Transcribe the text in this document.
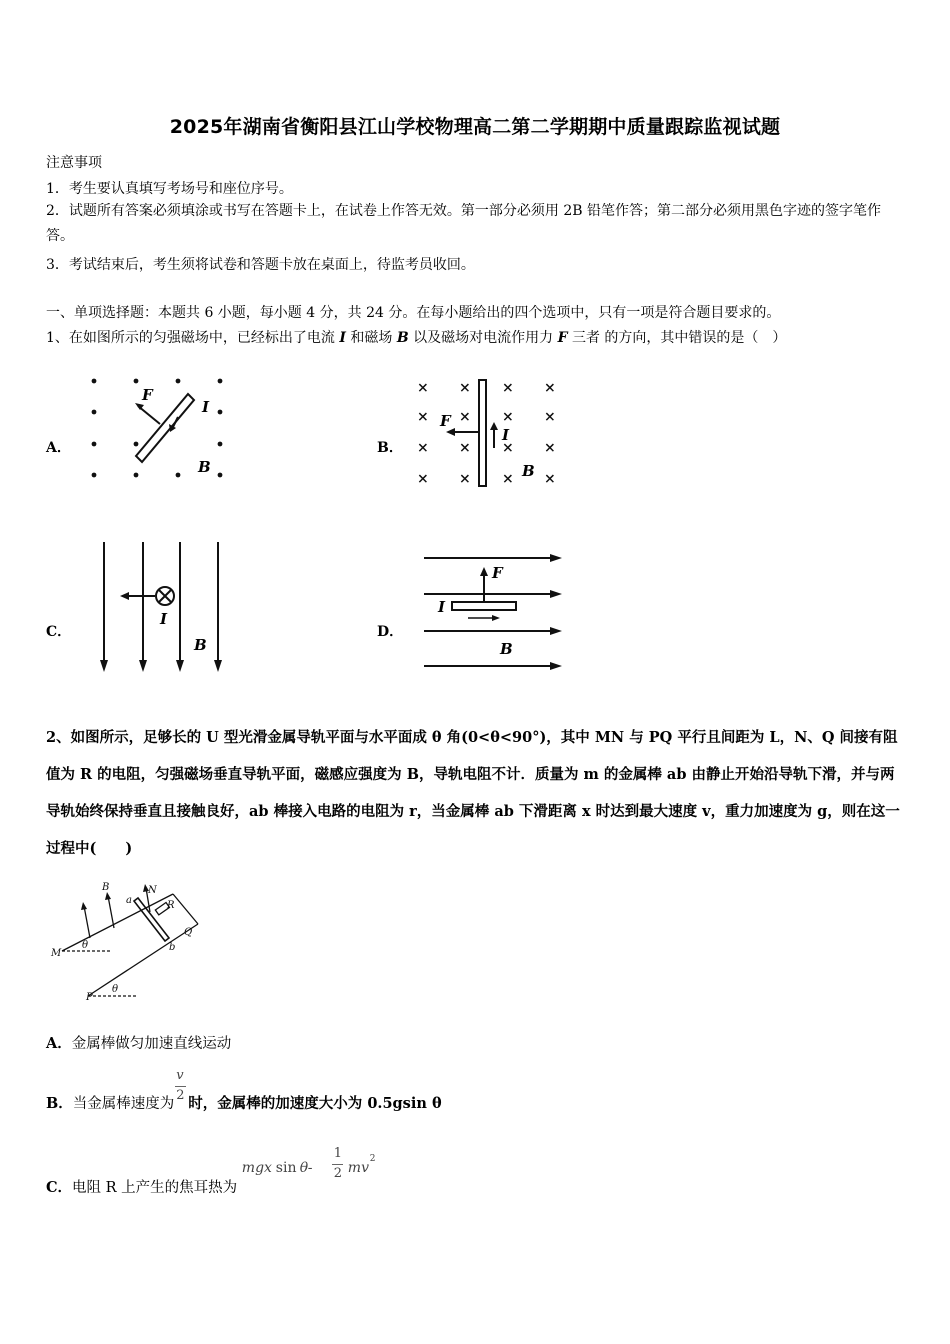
2025年湖南省衡阳县江山学校物理高二第二学期期中质量跟踪监视试题
注意事项
1．考生要认真填写考场号和座位序号。
2．试题所有答案必须填涂或书写在答题卡上，在试卷上作答无效。第一部分必须用 2B 铅笔作答；第二部分必须用黑色字迹的签字笔作答。
3．考试结束后，考生须将试卷和答题卡放在桌面上，待监考员收回。
一、单项选择题：本题共 6 小题，每小题 4 分，共 24 分。在每小题给出的四个选项中，只有一项是符合题目要求的。
1、在如图所示的匀强磁场中，已经标出了电流 I 和磁场 B 以及磁场对电流作用力 F 三者 的方向，其中错误的是（　）
A．
F
I
B
B．
× × × ×
× × × ×
× × × ×
× × × ×
F
I
B
C．
I
B
D．
F
I
B
2、如图所示，足够长的 U 型光滑金属导轨平面与水平面成 θ 角(0<θ<90°)，其中 MN 与 PQ 平行且间距为 L，N、Q 间接有阻值为 R 的电阻，匀强磁场垂直导轨平面，磁感应强度为 B，导轨电阻不计．质量为 m 的金属棒 ab 由静止开始沿导轨下滑，并与两导轨始终保持垂直且接触良好，ab 棒接入电路的电阻为 r，当金属棒 ab 下滑距离 x 时达到最大速度 v，重力加速度为 g，则在这一过程中(　　)
B
a
N
R
M
θ
Q
b
θ
P
A．金属棒做匀加速直线运动
B．当金属棒速度为 $\frac{v}{2}$ 时，金属棒的加速度大小为 0.5gsin θ
C．电阻 R 上产生的焦耳热为
mgx sin θ -
1
2 mv
2
